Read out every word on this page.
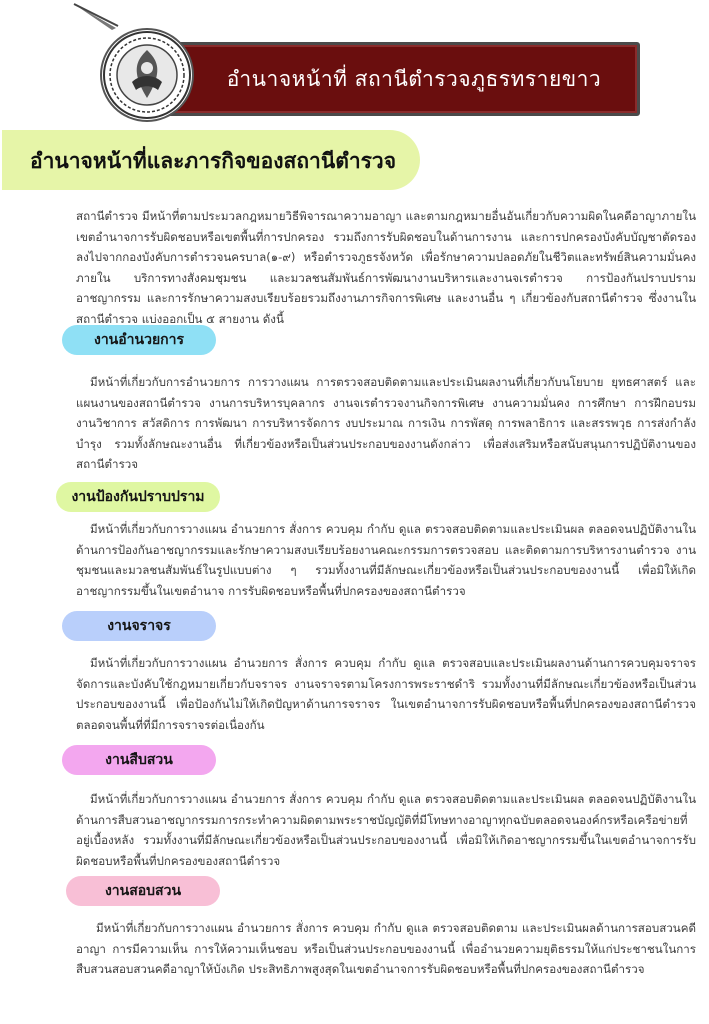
อำนาจหน้าที่ สถานีตำรวจภูธรทรายขาว
อำนาจหน้าที่และภารกิจของสถานีตำรวจ

สถานีตำรวจ มีหน้าที่ตามประมวลกฎหมายวิธีพิจารณาความอาญา และตามกฎหมายอื่นอันเกี่ยวกับความผิดในคดีอาญาภายในเขตอำนาจการรับผิดชอบหรือเขตพื้นที่การปกครอง รวมถึงการรับผิดชอบในด้านการงาน และการปกครองบังคับบัญชาตัดรองลงไปจากกองบังคับการตำรวจนครบาล(๑-๙) หรือตำรวจภูธรจังหวัด เพื่อรักษาความปลอดภัยในชีวิตและทรัพย์สินความมั่นคงภายใน บริการทางสังคมชุมชน และมวลชนสัมพันธ์การพัฒนางานบริหารและงานจเรตำรวจ การป้องกันปราบปรามอาชญากรรม และการรักษาความสงบเรียบร้อยรวมถึงงานภารกิจการพิเศษ และงานอื่น ๆ เกี่ยวข้องกับสถานีตำรวจ ซึ่งงานในสถานีตำรวจ แบ่งออกเป็น ๕ สายงาน ดังนี้

งานอำนวยการ

มีหน้าที่เกี่ยวกับการอำนวยการ การวางแผน การตรวจสอบติดตามและประเมินผลงานที่เกี่ยวกับนโยบาย ยุทธศาสตร์ และแผนงานของสถานีตำรวจ งานการบริหารบุคลากร งานจเรตำรวจงานกิจการพิเศษ งานความมั่นคง การศึกษา การฝึกอบรม งานวิชาการ สวัสดิการ การพัฒนา การบริหารจัดการ งบประมาณ การเงิน การพัสดุ การพลาธิการ และสรรพวุธ การส่งกำลังบำรุง รวมทั้งลักษณะงานอื่น ที่เกี่ยวข้องหรือเป็นส่วนประกอบของงานดังกล่าว เพื่อส่งเสริมหรือสนับสนุนการปฏิบัติงานของสถานีตำรวจ

งานป้องกันปราบปราม

มีหน้าที่เกี่ยวกับการวางแผน อำนวยการ สั่งการ ควบคุม กำกับ ดูแล ตรวจสอบติดตามและประเมินผล ตลอดจนปฏิบัติงานในด้านการป้องกันอาชญากรรมและรักษาความสงบเรียบร้อยงานคณะกรรมการตรวจสอบ และติดตามการบริหารงานตำรวจ งานชุมชนและมวลชนสัมพันธ์ในรูปแบบต่าง ๆ รวมทั้งงานที่มีลักษณะเกี่ยวข้องหรือเป็นส่วนประกอบของงานนี้ เพื่อมิให้เกิดอาชญากรรมขึ้นในเขตอำนาจ การรับผิดชอบหรือพื้นที่ปกครองของสถานีตำรวจ

งานจราจร

มีหน้าที่เกี่ยวกับการวางแผน อำนวยการ สั่งการ ควบคุม กำกับ ดูแล ตรวจสอบและประเมินผลงานด้านการควบคุมจราจร จัดการและบังคับใช้กฎหมายเกี่ยวกับจราจร งานจราจรตามโครงการพระราชดำริ รวมทั้งงานที่มีลักษณะเกี่ยวข้องหรือเป็นส่วนประกอบของงานนี้ เพื่อป้องกันไม่ให้เกิดปัญหาด้านการจราจร ในเขตอำนาจการรับผิดชอบหรือพื้นที่ปกครองของสถานีตำรวจตลอดจนพื้นที่ที่มีการจราจรต่อเนื่องกัน

งานสืบสวน

มีหน้าที่เกี่ยวกับการวางแผน อำนวยการ สั่งการ ควบคุม กำกับ ดูแล ตรวจสอบติดตามและประเมินผล ตลอดจนปฏิบัติงานในด้านการสืบสวนอาชญากรรมการกระทำความผิดตามพระราชบัญญัติที่มีโทษทางอาญาทุกฉบับตลอดจนองค์กรหรือเครือข่ายที่อยู่เบื้องหลัง รวมทั้งงานที่มีลักษณะเกี่ยวข้องหรือเป็นส่วนประกอบของงานนี้ เพื่อมิให้เกิดอาชญากรรมขึ้นในเขตอำนาจการรับผิดชอบหรือพื้นที่ปกครองของสถานีตำรวจ

งานสอบสวน

มีหน้าที่เกี่ยวกับการวางแผน อำนวยการ สั่งการ ควบคุม กำกับ ดูแล ตรวจสอบติดตาม และประเมินผลด้านการสอบสวนคดีอาญา การมีความเห็น การให้ความเห็นชอบ หรือเป็นส่วนประกอบของงานนี้ เพื่ออำนวยความยุติธรรมให้แก่ประชาชนในการสืบสวนสอบสวนคดีอาญาให้บังเกิด ประสิทธิภาพสูงสุดในเขตอำนาจการรับผิดชอบหรือพื้นที่ปกครองของสถานีตำรวจ
